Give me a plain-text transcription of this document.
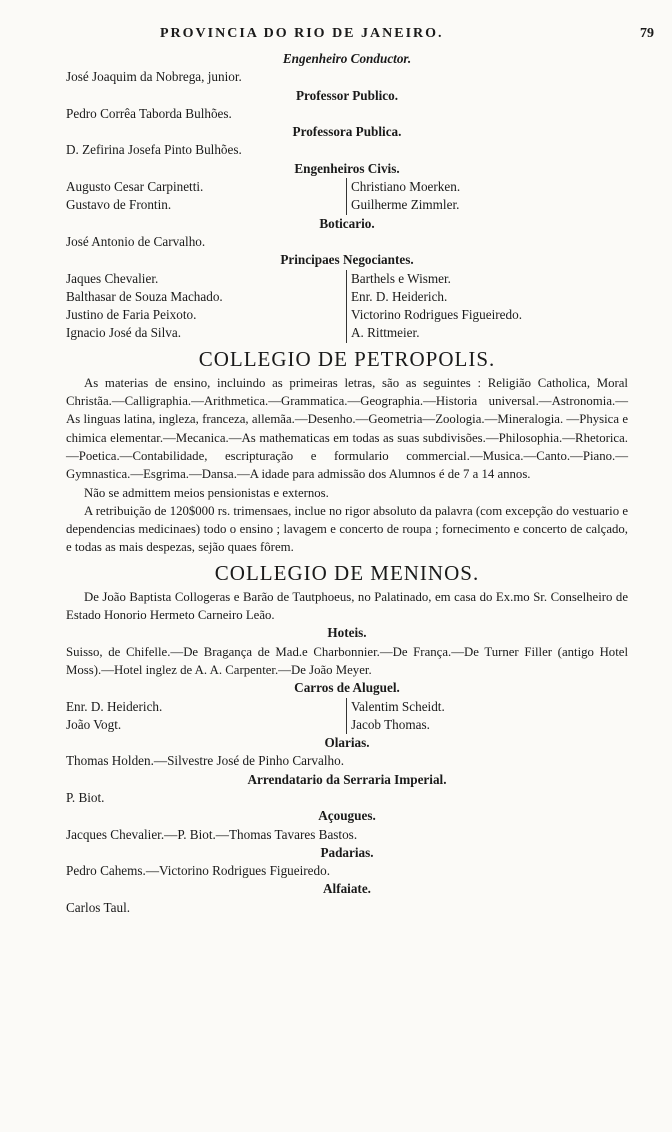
PROVINCIA DO RIO DE JANEIRO.	79
Engenheiro Conductor.
José Joaquim da Nobrega, junior.
Professor Publico.
Pedro Corrêa Taborda Bulhões.
Professora Publica.
D. Zefirina Josefa Pinto Bulhões.
Engenheiros Civis.
Augusto Cesar Carpinetti.
Gustavo de Frontin.
Christiano Moerken.
Guilherme Zimmler.
Boticario.
José Antonio de Carvalho.
Principaes Negociantes.
Jaques Chevalier.
Balthasar de Souza Machado.
Justino de Faria Peixoto.
Ignacio José da Silva.
Barthels e Wismer.
Enr. D. Heiderich.
Victorino Rodrigues Figueiredo.
A. Rittmeier.
COLLEGIO DE PETROPOLIS.
As materias de ensino, incluindo as primeiras letras, são as seguintes : Religião Catholica, Moral Christãa.—Calligraphia.—Arithmetica.—Grammatica.—Geographia.—Historia universal.—Astronomia.—As linguas latina, ingleza, franceza, allemãa.—Desenho.—Geometria—Zoologia.—Mineralogia. —Physica e chimica elementar.—Mecanica.—As mathematicas em todas as suas subdivisões.—Philosophia.—Rhetorica.—Poetica.—Contabilidade, escripturação e formulario commercial.—Musica.—Canto.—Piano.—Gymnastica.—Esgrima.—Dansa.—A idade para admissão dos Alumnos é de 7 a 14 annos.
Não se admittem meios pensionistas e externos.
A retribuição de 120$000 rs. trimensaes, inclue no rigor absoluto da palavra (com excepção do vestuario e dependencias medicinaes) todo o ensino ; lavagem e concerto de roupa ; fornecimento e concerto de calçado, e todas as mais despezas, sejão quaes fôrem.
COLLEGIO DE MENINOS.
De João Baptista Collogeras e Barão de Tautphoeus, no Palatinado, em casa do Ex.mo Sr. Conselheiro de Estado Honorio Hermeto Carneiro Leão.
Hoteis.
Suisso, de Chifelle.—De Bragança de Mad.e Charbonnier.—De França.—De Turner Filler (antigo Hotel Moss).—Hotel inglez de A. A. Carpenter.—De João Meyer.
Carros de Aluguel.
Enr. D. Heiderich.
João Vogt.
Valentim Scheidt.
Jacob Thomas.
Olarias.
Thomas Holden.—Silvestre José de Pinho Carvalho.
Arrendatario da Serraria Imperial.
P. Biot.
Açougues.
Jacques Chevalier.—P. Biot.—Thomas Tavares Bastos.
Padarias.
Pedro Cahems.—Victorino Rodrigues Figueiredo.
Alfaiate.
Carlos Taul.
